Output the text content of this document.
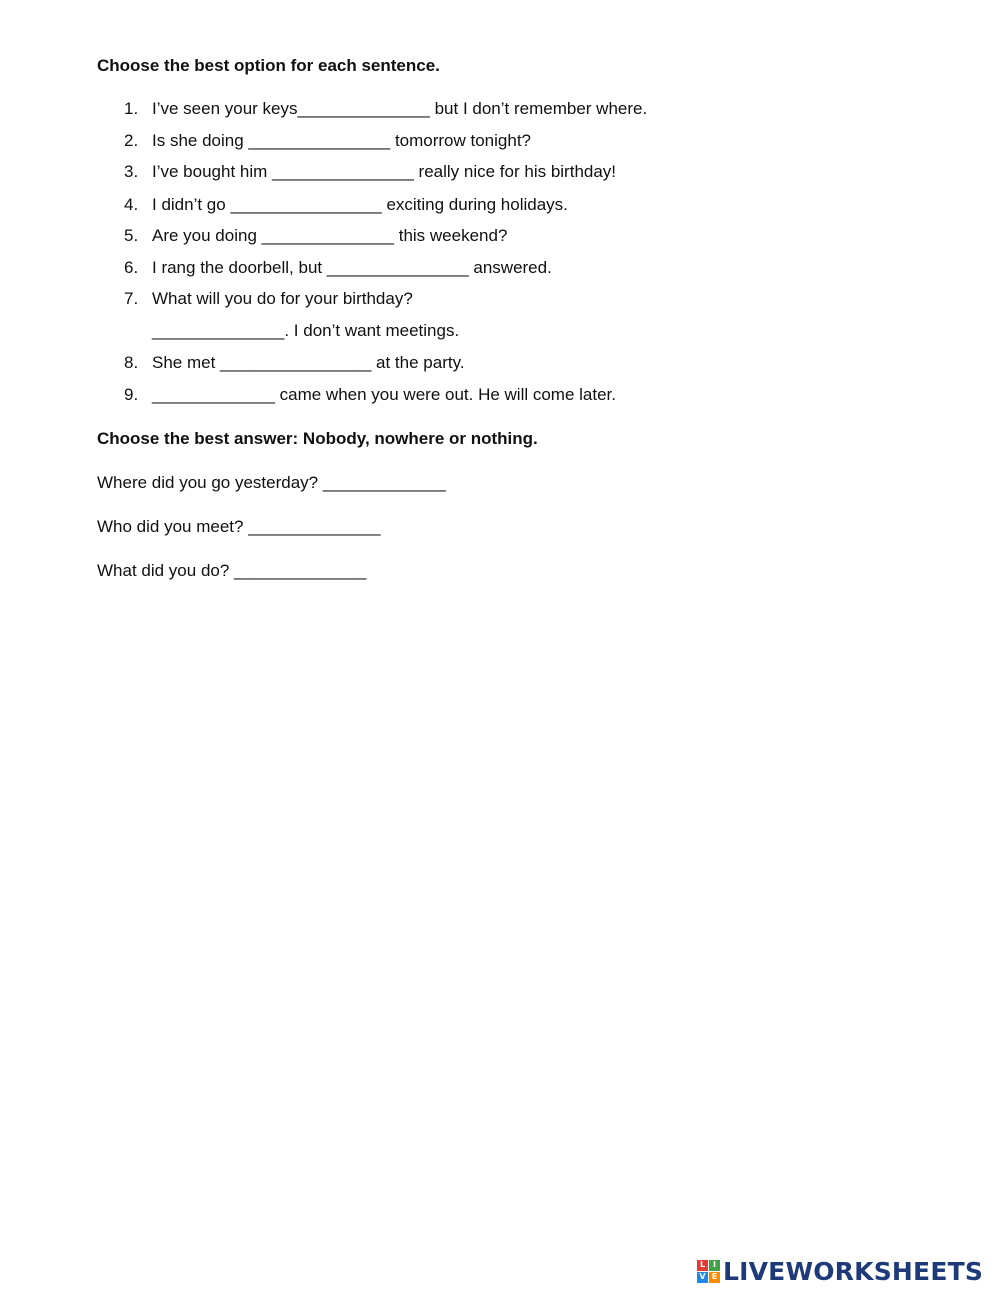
Choose the best option for each sentence.
1. I’ve seen your keys______________ but I don’t remember where.
2. Is she doing _______________ tomorrow tonight?
3. I’ve bought him _______________ really nice for his birthday!
4. I didn’t go ________________ exciting during holidays.
5. Are you doing ______________ this weekend?
6. I rang the doorbell, but _______________ answered.
7. What will you do for your birthday?
______________. I don’t want meetings.
8. She met ________________ at the party.
9. _____________ came when you were out. He will come later.
Choose the best answer: Nobody, nowhere or nothing.

Where did you go yesterday? _____________

Who did you meet? ______________

What did you do? ______________

L I
V E LIVEWORKSHEETS
